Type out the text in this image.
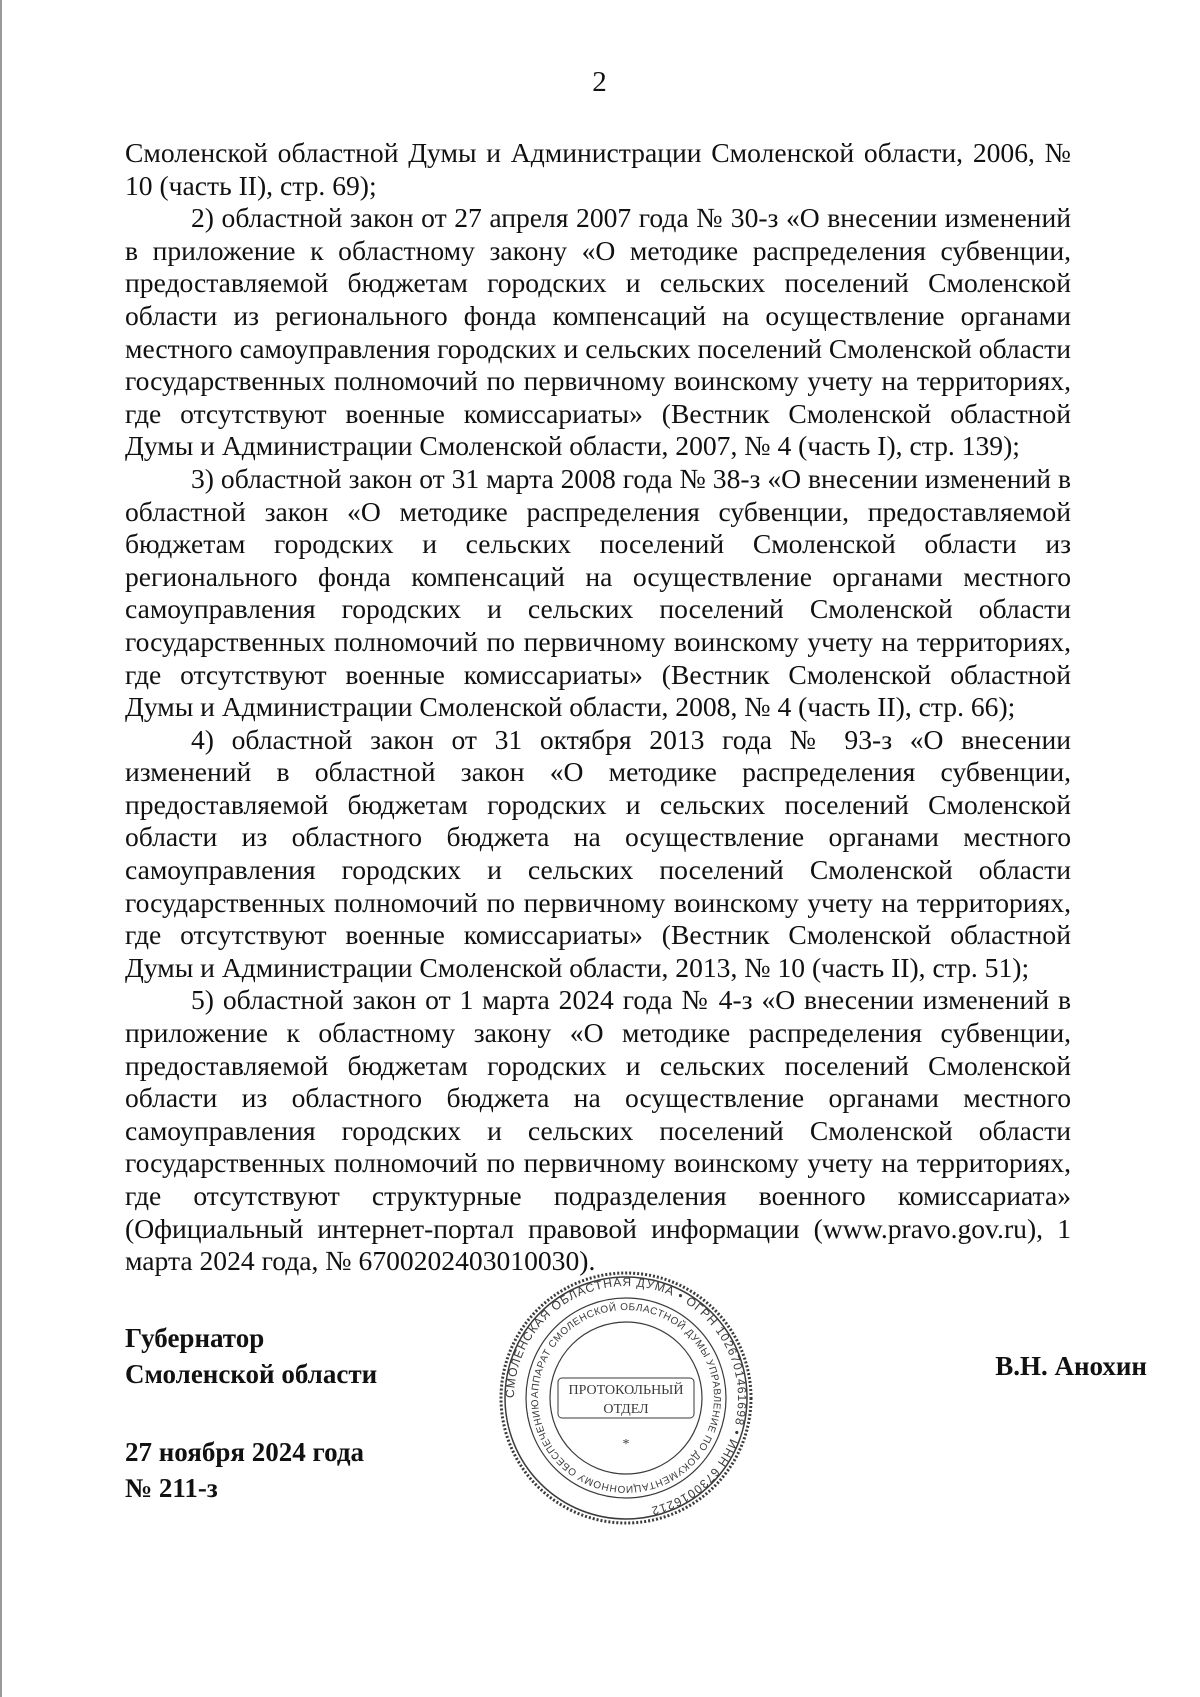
2

Смоленской областной Думы и Администрации Смоленской области, 2006, № 10 (часть II), стр. 69);

2) областной закон от 27 апреля 2007 года № 30-з «О внесении изменений в приложение к областному закону «О методике распределения субвенции, предоставляемой бюджетам городских и сельских поселений Смоленской области из регионального фонда компенсаций на осуществление органами местного самоуправления городских и сельских поселений Смоленской области государственных полномочий по первичному воинскому учету на территориях, где отсутствуют военные комиссариаты» (Вестник Смоленской областной Думы и Администрации Смоленской области, 2007, № 4 (часть I), стр. 139);

3) областной закон от 31 марта 2008 года № 38-з «О внесении изменений в областной закон «О методике распределения субвенции, предоставляемой бюджетам городских и сельских поселений Смоленской области из регионального фонда компенсаций на осуществление органами местного самоуправления городских и сельских поселений Смоленской области государственных полномочий по первичному воинскому учету на территориях, где отсутствуют военные комиссариаты» (Вестник Смоленской областной Думы и Администрации Смоленской области, 2008, № 4 (часть II), стр. 66);

4) областной закон от 31 октября 2013 года № 93-з «О внесении изменений в областной закон «О методике распределения субвенции, предоставляемой бюджетам городских и сельских поселений Смоленской области из областного бюджета на осуществление органами местного самоуправления городских и сельских поселений Смоленской области государственных полномочий по первичному воинскому учету на территориях, где отсутствуют военные комиссариаты» (Вестник Смоленской областной Думы и Администрации Смоленской области, 2013, № 10 (часть II), стр. 51);

5) областной закон от 1 марта 2024 года № 4-з «О внесении изменений в приложение к областному закону «О методике распределения субвенции, предоставляемой бюджетам городских и сельских поселений Смоленской области из областного бюджета на осуществление органами местного самоуправления городских и сельских поселений Смоленской области государственных полномочий по первичному воинскому учету на территориях, где отсутствуют структурные подразделения военного комиссариата» (Официальный интернет-портал правовой информации (www.pravo.gov.ru), 1 марта 2024 года, № 6700202403010030).

Губернатор
Смоленской области
27 ноября 2024 года
№ 211-з
В.Н. Анохин
СМОЛЕНСКАЯ ОБЛАСТНАЯ ДУМА • ОГРН 1026701461698 • ИНН 6730016212
АППАРАТ СМОЛЕНСКОЙ ОБЛАСТНОЙ ДУМЫ УПРАВЛЕНИЕ ПО ДОКУМЕНТАЦИОННОМУ ОБЕСПЕЧЕНИЮ
ПРОТОКОЛЬНЫЙ
ОТДЕЛ
*
